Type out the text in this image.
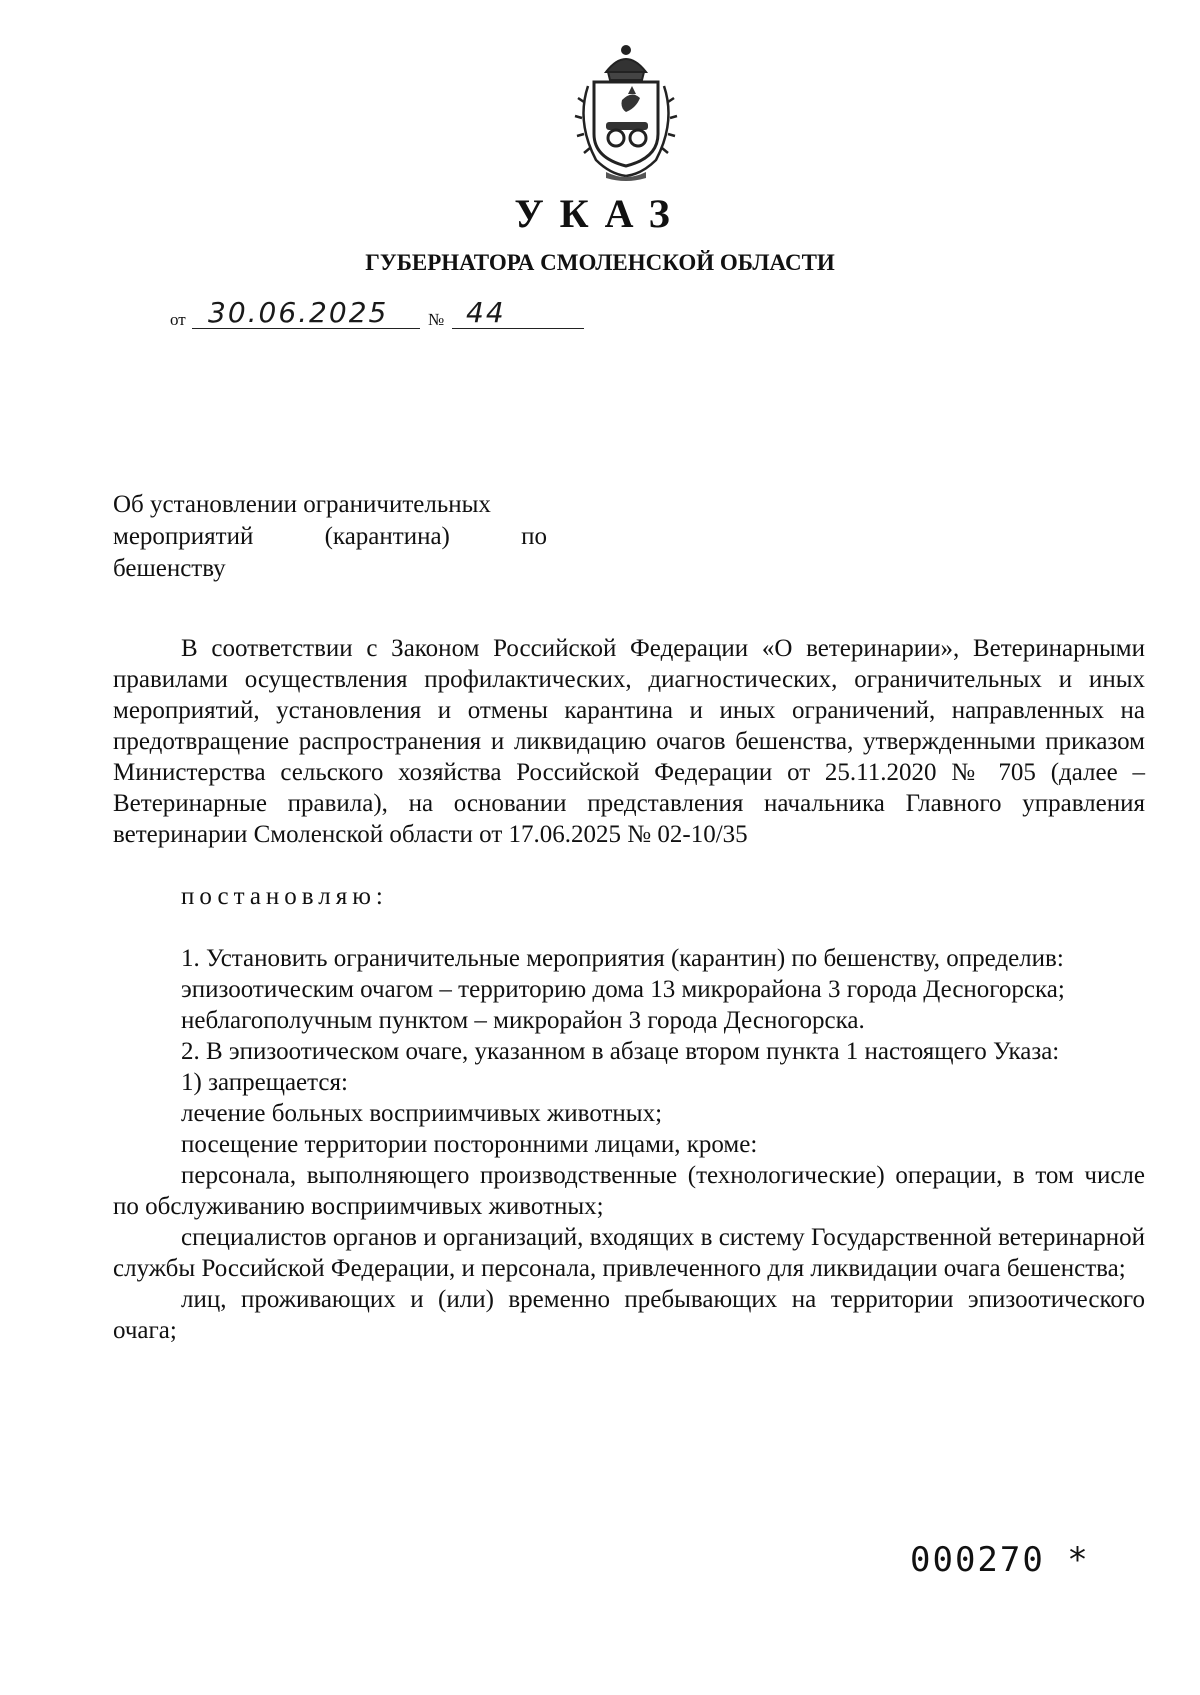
УКАЗ
ГУБЕРНАТОРА СМОЛЕНСКОЙ ОБЛАСТИ
от 30.06.2025 № 44
Об установлении ограничительных
мероприятий (карантина) по
бешенству

В соответствии с Законом Российской Федерации «О ветеринарии», Ветеринарными правилами осуществления профилактических, диагностических, ограничительных и иных мероприятий, установления и отмены карантина и иных ограничений, направленных на предотвращение распространения и ликвидацию очагов бешенства, утвержденными приказом Министерства сельского хозяйства Российской Федерации от 25.11.2020 № 705 (далее – Ветеринарные правила), на основании представления начальника Главного управления ветеринарии Смоленской области от 17.06.2025 № 02-10/35

постановляю:

1. Установить ограничительные мероприятия (карантин) по бешенству, определив:

эпизоотическим очагом – территорию дома 13 микрорайона 3 города Десногорска;

неблагополучным пунктом – микрорайон 3 города Десногорска.

2. В эпизоотическом очаге, указанном в абзаце втором пункта 1 настоящего Указа:

1) запрещается:

лечение больных восприимчивых животных;

посещение территории посторонними лицами, кроме:

персонала, выполняющего производственные (технологические) операции, в том числе по обслуживанию восприимчивых животных;

специалистов органов и организаций, входящих в систему Государственной ветеринарной службы Российской Федерации, и персонала, привлеченного для ликвидации очага бешенства;

лиц, проживающих и (или) временно пребывающих на территории эпизоотического очага;

000270 *
